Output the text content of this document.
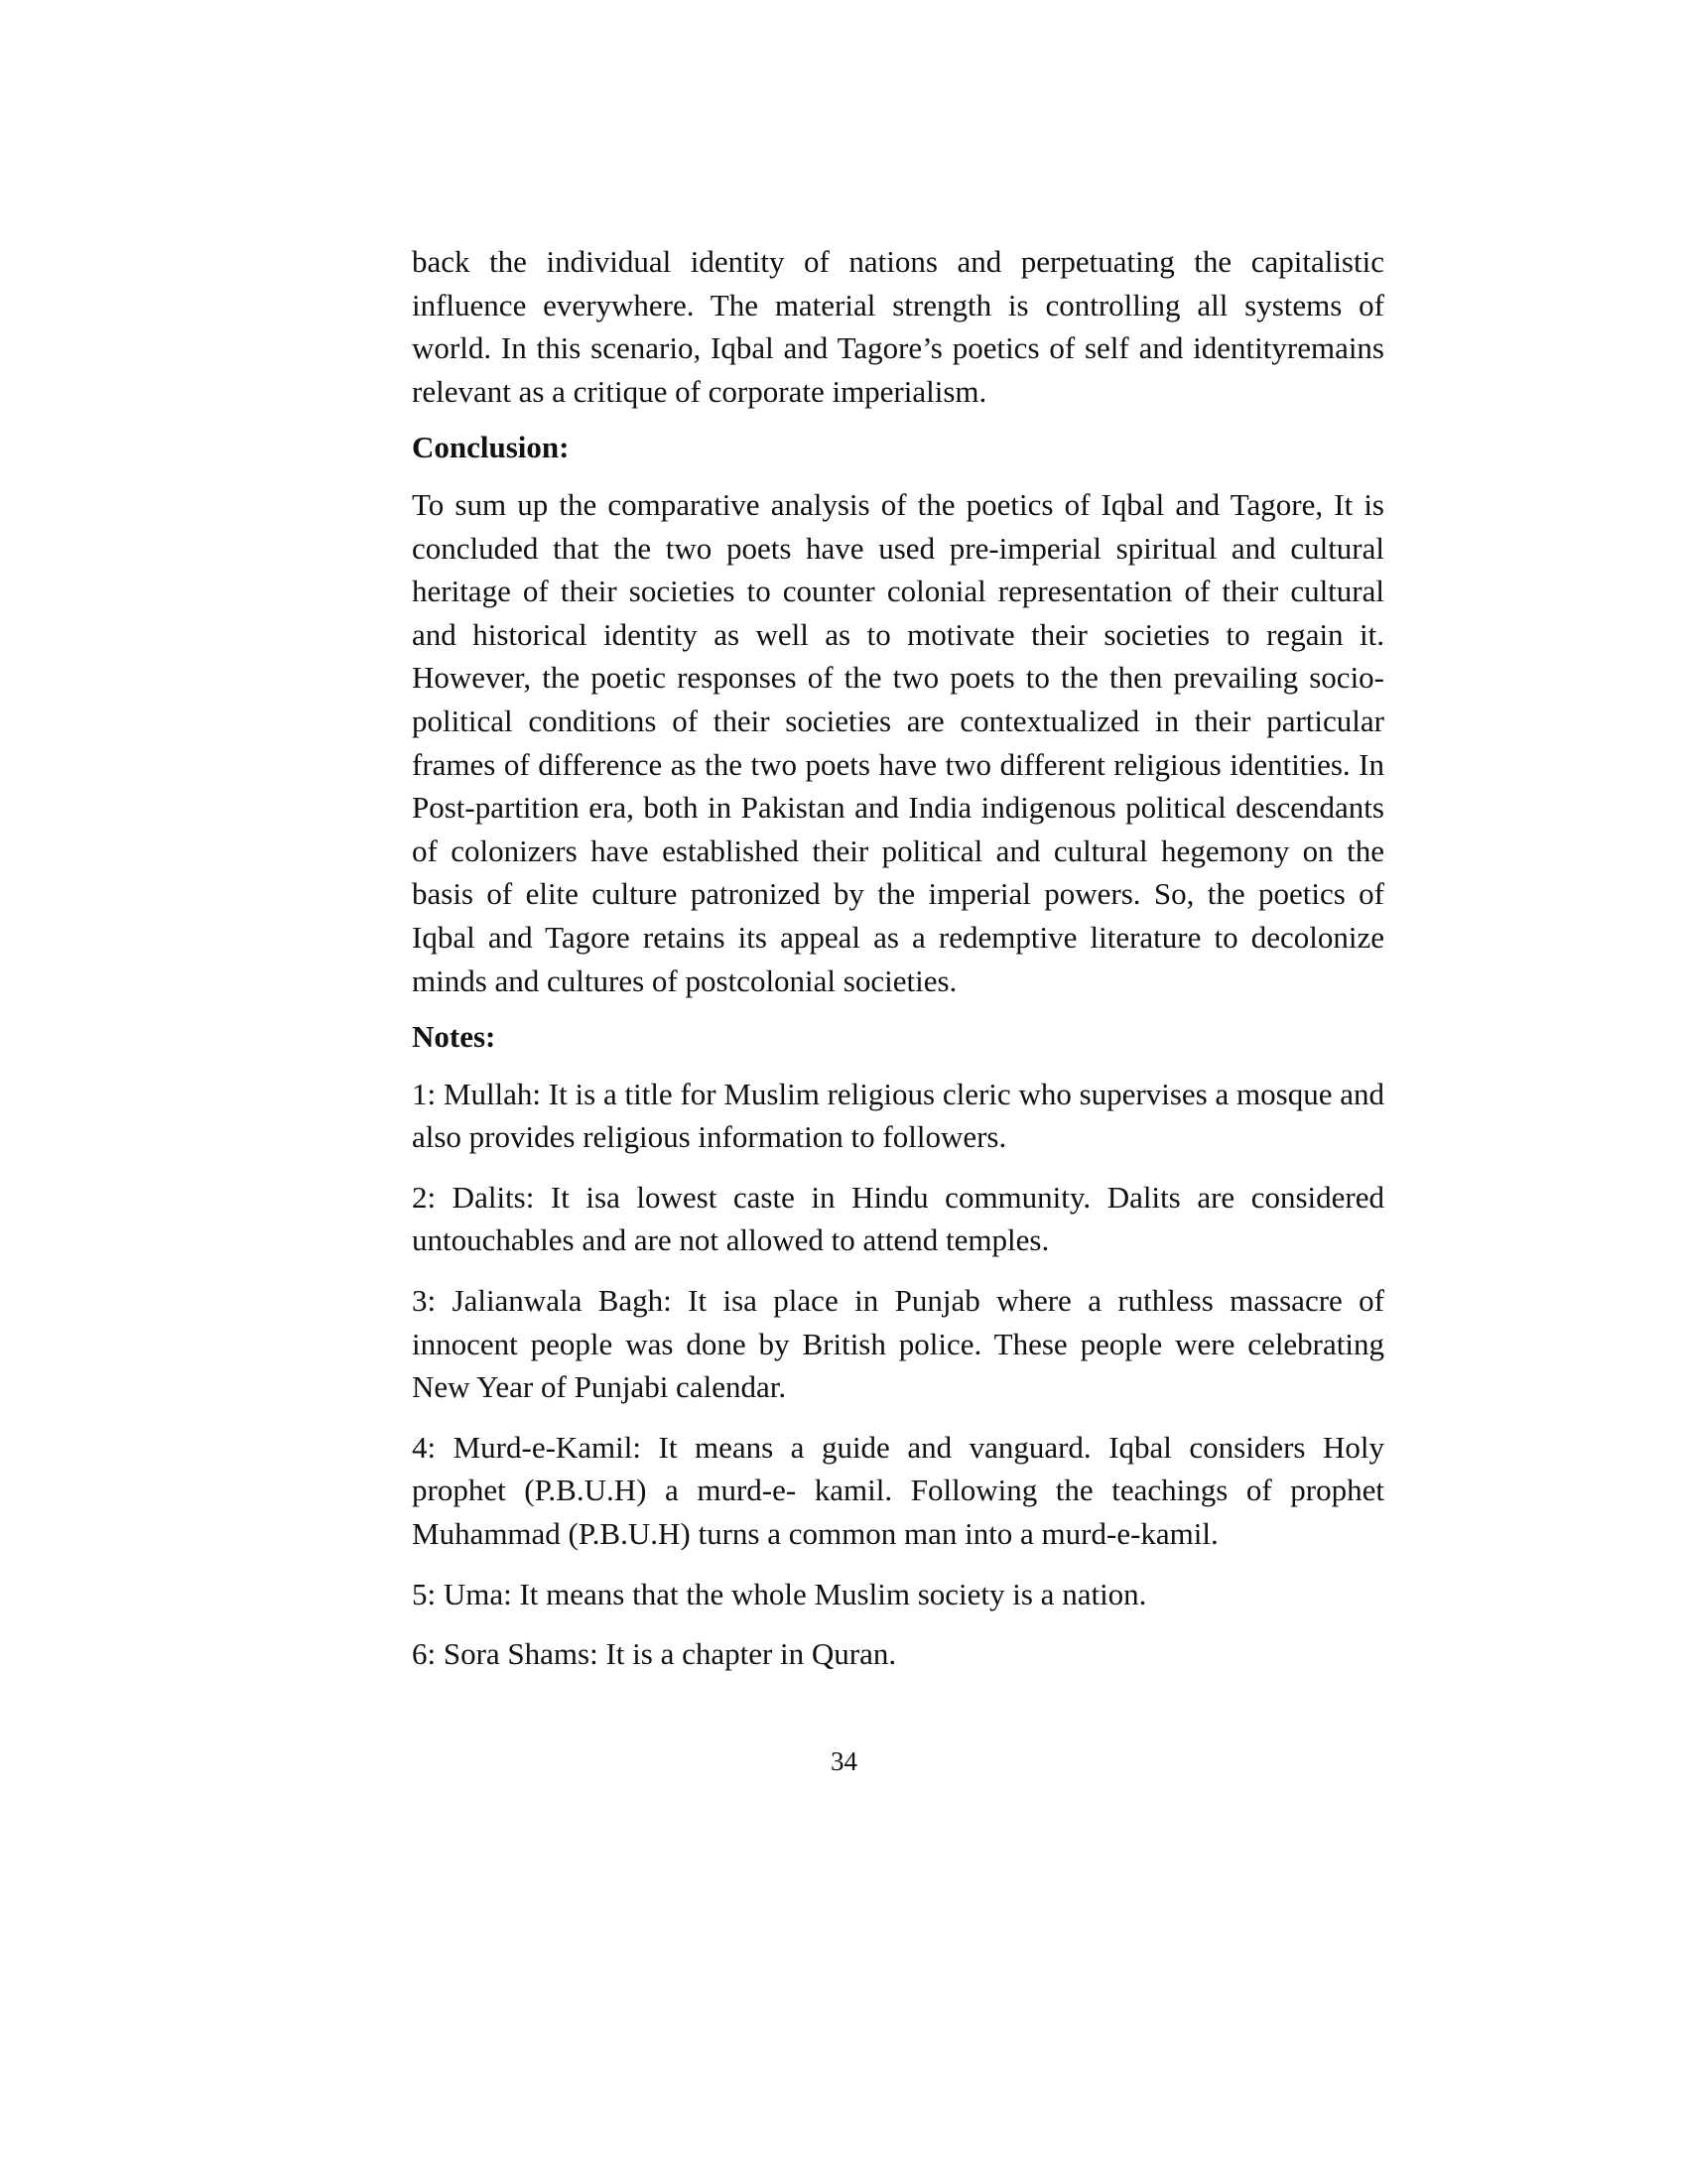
back the individual identity of nations and perpetuating the capitalistic influence everywhere. The material strength is controlling all systems of world. In this scenario, Iqbal and Tagore’s poetics of self and identityremains relevant as a critique of corporate imperialism.

Conclusion:

To sum up the comparative analysis of the poetics of Iqbal and Tagore, It is concluded that the two poets have used pre-imperial spiritual and cultural heritage of their societies to counter colonial representation of their cultural and historical identity as well as to motivate their societies to regain it. However, the poetic responses of the two poets to the then prevailing socio-political conditions of their societies are contextualized in their particular frames of difference as the two poets have two different religious identities. In Post-partition era, both in Pakistan and India indigenous political descendants of colonizers have established their political and cultural hegemony on the basis of elite culture patronized by the imperial powers. So, the poetics of Iqbal and Tagore retains its appeal as a redemptive literature to decolonize minds and cultures of postcolonial societies.

Notes:

1: Mullah: It is a title for Muslim religious cleric who supervises a mosque and also provides religious information to followers.

2: Dalits: It isa lowest caste in Hindu community. Dalits are considered untouchables and are not allowed to attend temples.

3: Jalianwala Bagh: It isa place in Punjab where a ruthless massacre of innocent people was done by British police. These people were celebrating New Year of Punjabi calendar.

4: Murd-e-Kamil: It means a guide and vanguard. Iqbal considers Holy prophet (P.B.U.H) a murd-e- kamil. Following the teachings of prophet Muhammad (P.B.U.H) turns a common man into a murd-e-kamil.

5: Uma: It means that the whole Muslim society is a nation.

6: Sora Shams: It is a chapter in Quran.

34
